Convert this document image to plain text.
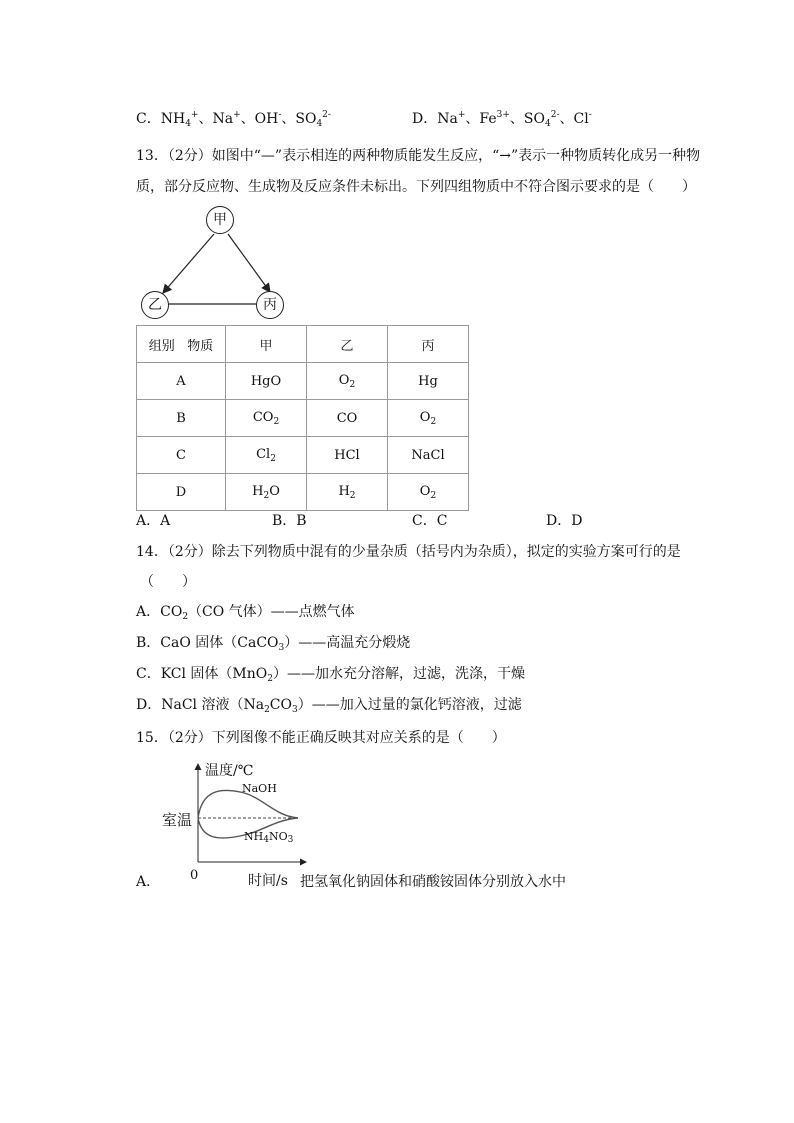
C．$NH_4^+$、Na+、OH-、$SO_4^{2-}$	D．Na+、$Fe^{3+}$、$SO_4^{2-}$、Cl-
13．（2分）如图中“—”表示相连的两种物质能发生反应，“→”表示一种物质转化成另一种物
质，部分反应物、生成物及反应条件未标出。下列四组物质中不符合图示要求的是（　　）
甲
乙	丙
组别 物质	甲	乙	丙
A	HgO	$O_2$	Hg
B	$CO_2$	CO	$O_2$
C	$Cl_2$	HCl	NaCl
D	$H_2O$	$H_2$	$O_2$
A．A	B．B	C．C	D．D
14．（2分）除去下列物质中混有的少量杂质（括号内为杂质），拟定的实验方案可行的是
（　　）
A．$CO_2(CO$ 气体）——点燃气体
B．CaO 固体（CaCO$_3$）——高温充分煅烧
C．KCl 固体（MnO$_2$）——加水充分溶解，过滤，洗涤，干燥
D．NaCl 溶液$(Na_2CO_3)——$加入过量的氯化钙溶液，过滤
15．（2分）下列图像不能正确反映其对应关系的是（　　）
温度/℃
NaOH
室温
NH4NO3
A． 0	时间/s 把氢氧化钠固体和硝酸铵固体分别放入水中
